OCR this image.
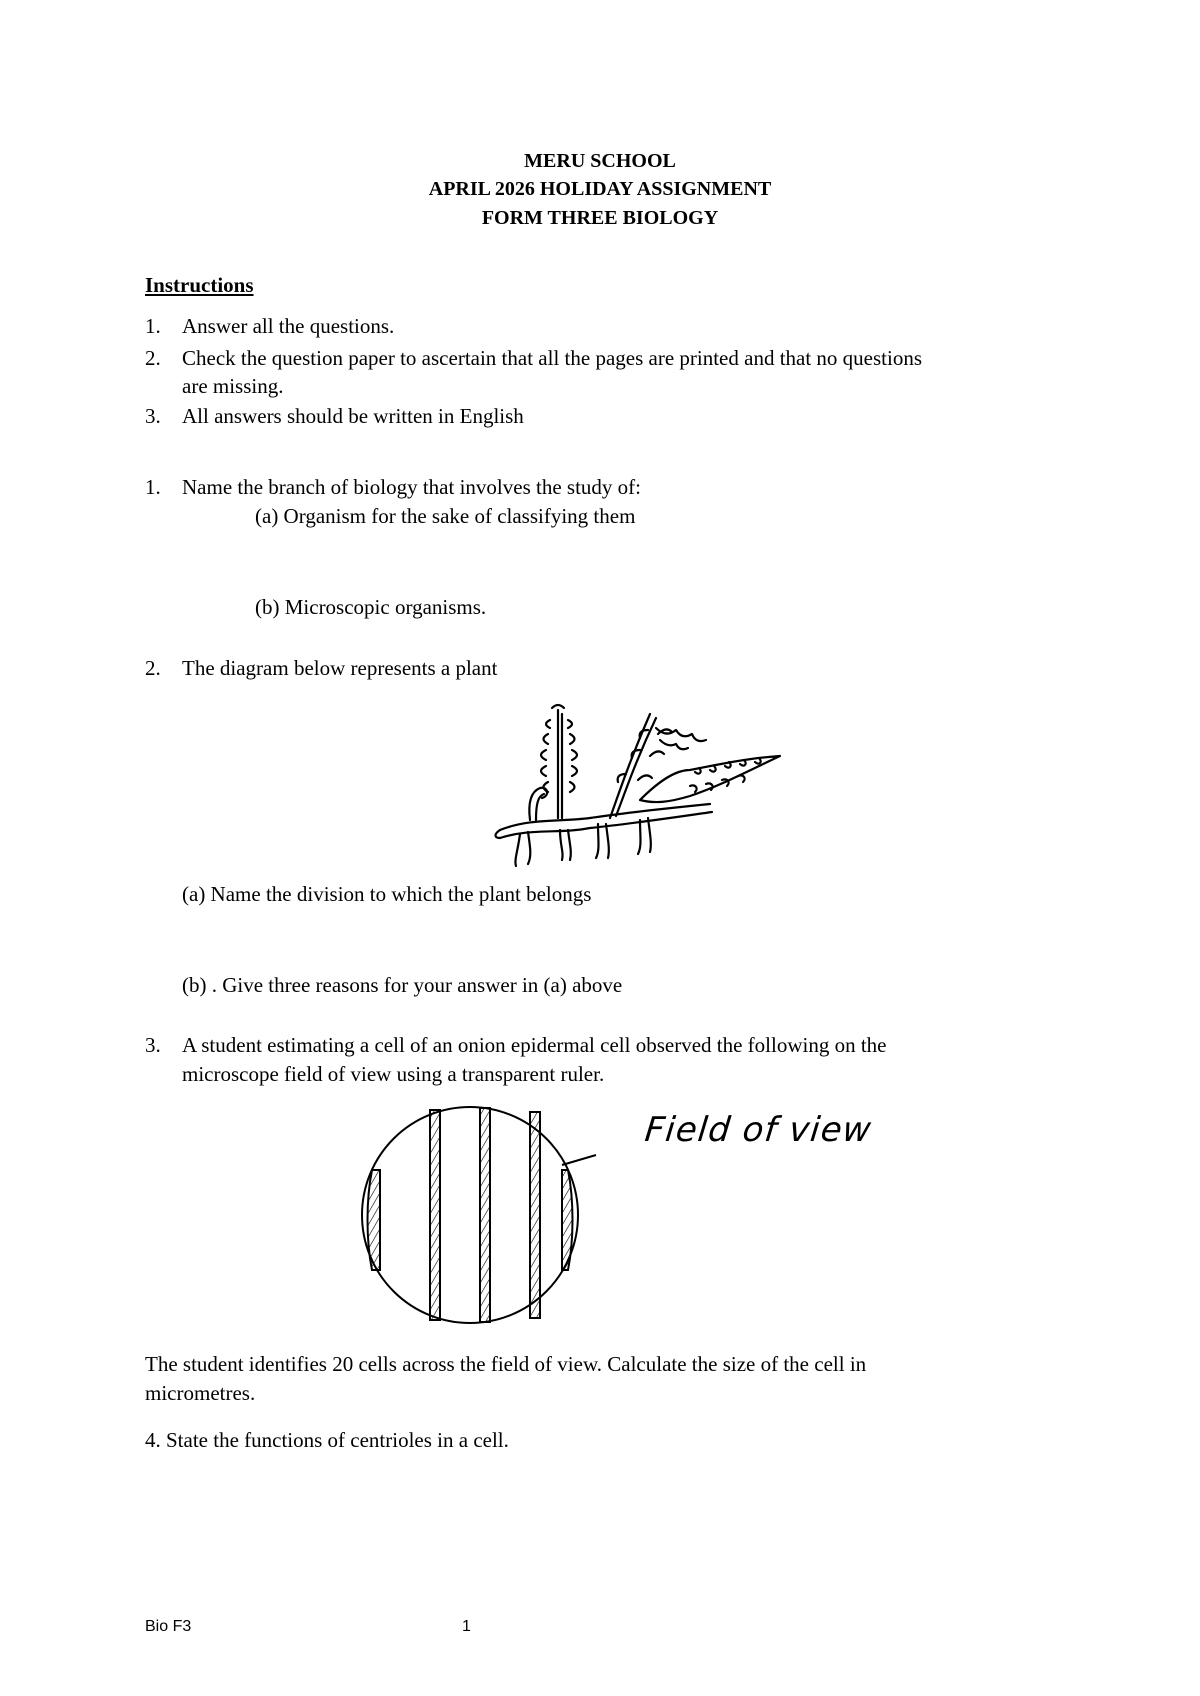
MERU SCHOOL
APRIL 2026 HOLIDAY ASSIGNMENT
FORM THREE BIOLOGY
Instructions
1.	Answer all the questions.
2.	Check the question paper to ascertain that all the pages are printed and that no questions
are missing.
3.	All answers should be written in English
1.	Name the branch of biology that involves the study of:
(a) Organism for the sake of classifying them
(b) Microscopic organisms.
2.	The diagram below represents a plant
(a) Name the division to which the plant belongs
(b) . Give three reasons for your answer in (a) above
3.	A student estimating a cell of an onion epidermal cell observed the following on the
microscope field of view using a transparent ruler.
Field of view
The student identifies 20 cells across the field of view. Calculate the size of the cell in
micrometres.
4. State the functions of centrioles in a cell.
Bio F3	1
